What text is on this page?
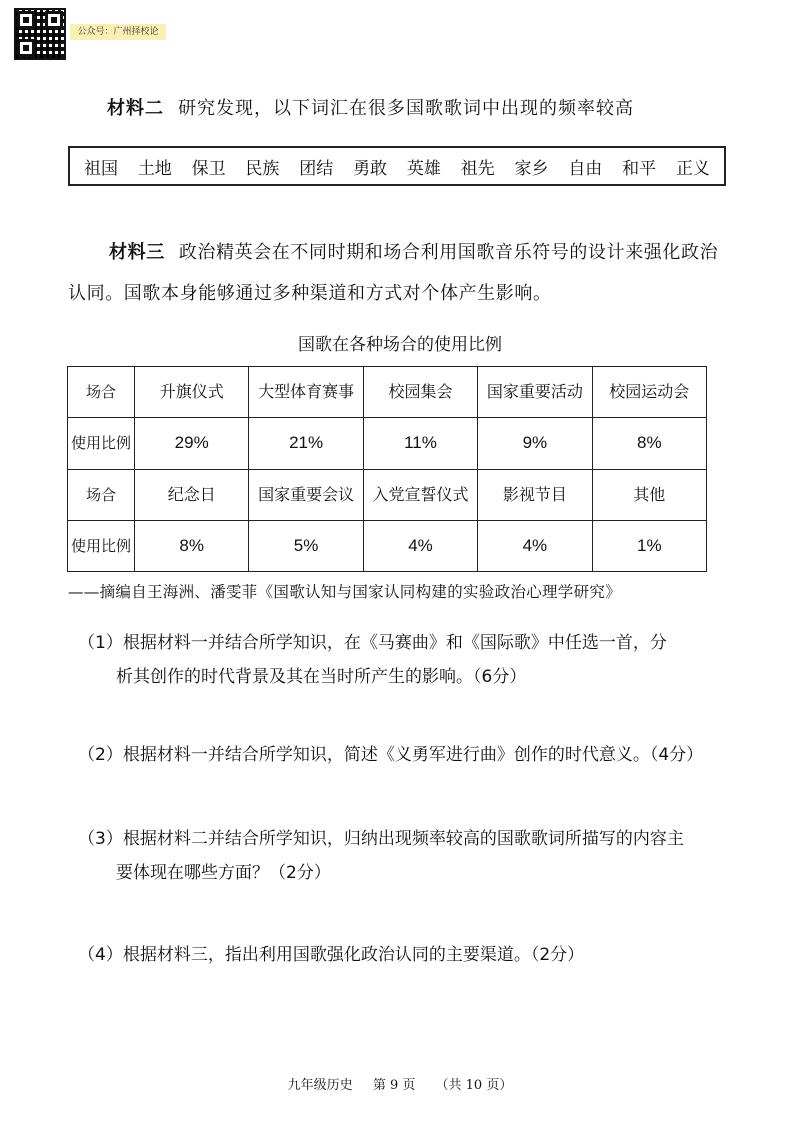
公众号：广州择校论
材料二 研究发现，以下词汇在很多国歌歌词中出现的频率较高
祖国 土地 保卫 民族 团结 勇敢 英雄 祖先 家乡 自由 和平 正义
材料三 政治精英会在不同时期和场合利用国歌音乐符号的设计来强化政治认同。国歌本身能够通过多种渠道和方式对个体产生影响。
国歌在各种场合的使用比例
场合	升旗仪式	大型体育赛事	校园集会	国家重要活动	校园运动会
使用比例	29%	21%	11%	9%	8%
场合	纪念日	国家重要会议	入党宣誓仪式	影视节目	其他
使用比例	8%	5%	4%	4%	1%
——摘编自王海洲、潘雯菲《国歌认知与国家认同构建的实验政治心理学研究》
（1）根据材料一并结合所学知识，在《马赛曲》和《国际歌》中任选一首，分
析其创作的时代背景及其在当时所产生的影响。（6分）
（2）根据材料一并结合所学知识，简述《义勇军进行曲》创作的时代意义。（4分）
（3）根据材料二并结合所学知识，归纳出现频率较高的国歌歌词所描写的内容主
要体现在哪些方面？（2分）
（4）根据材料三，指出利用国歌强化政治认同的主要渠道。（2分）
九年级历史 第 9 页 （共 10 页）
